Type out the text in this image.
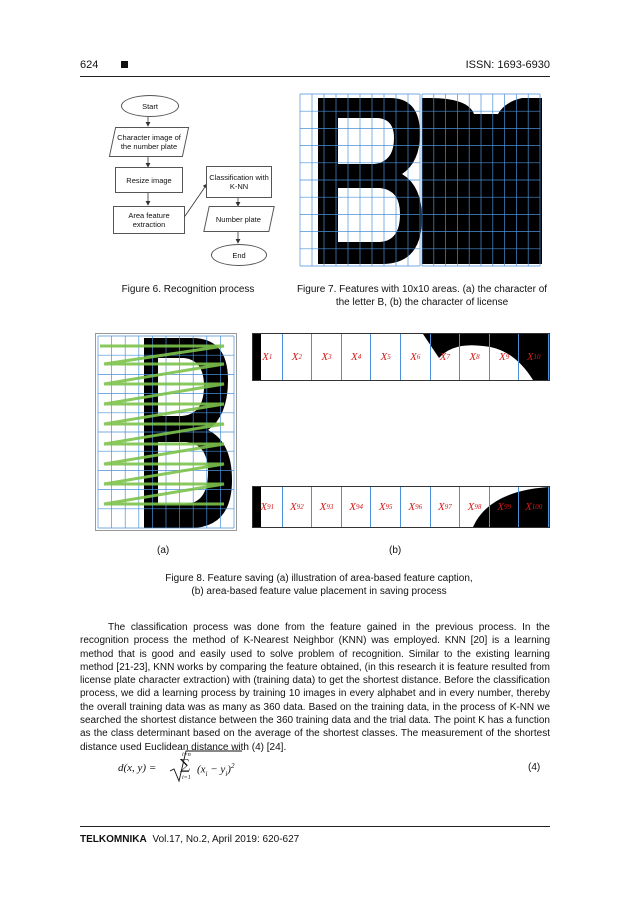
624	ISSN: 1693-6930
Start
Character image of the number plate
Resize image
Area feature extraction
Classification with K-NN
Number plate
End
Figure 6. Recognition process	Figure 7. Features with 10x10 areas. (a) the character of the letter B, (b) the character of license
X 1 X 2 X 3 X 4 X 5 X 6 X 7 X 8 X 9 X 10
X 91 X 92 X 93 X 94 X 95 X 96 X 97 X 98 X 99 X 100
(a)	(b)
Figure 8. Feature saving (a) illustration of area-based feature caption,
(b) area-based feature value placement in saving process
The classification process was done from the feature gained in the previous process. In the recognition process the method of K-Nearest Neighbor (KNN) was employed. KNN [20] is a learning method that is good and easily used to solve problem of recognition. Similar to the existing learning method [21-23], KNN works by comparing the feature obtained, (in this research it is feature resulted from license plate character extraction) with (training data) to get the shortest distance. Before the classification process, we did a learning process by training 10 images in every alphabet and in every number, thereby the overall training data was as many as 360 data. Based on the training data, in the process of K-NN we searched the shortest distance between the 360 training data and the trial data. The point K has a function as the class determinant based on the average of the shortest classes. The measurement of the shortest distance used Euclidean distance with (4) [24].
d(x, y) =
i=n
∑
i=1
$(x_i - y_i)^2$	(4)
TELKOMNIKA Vol.17, No.2, April 2019: 620-627
